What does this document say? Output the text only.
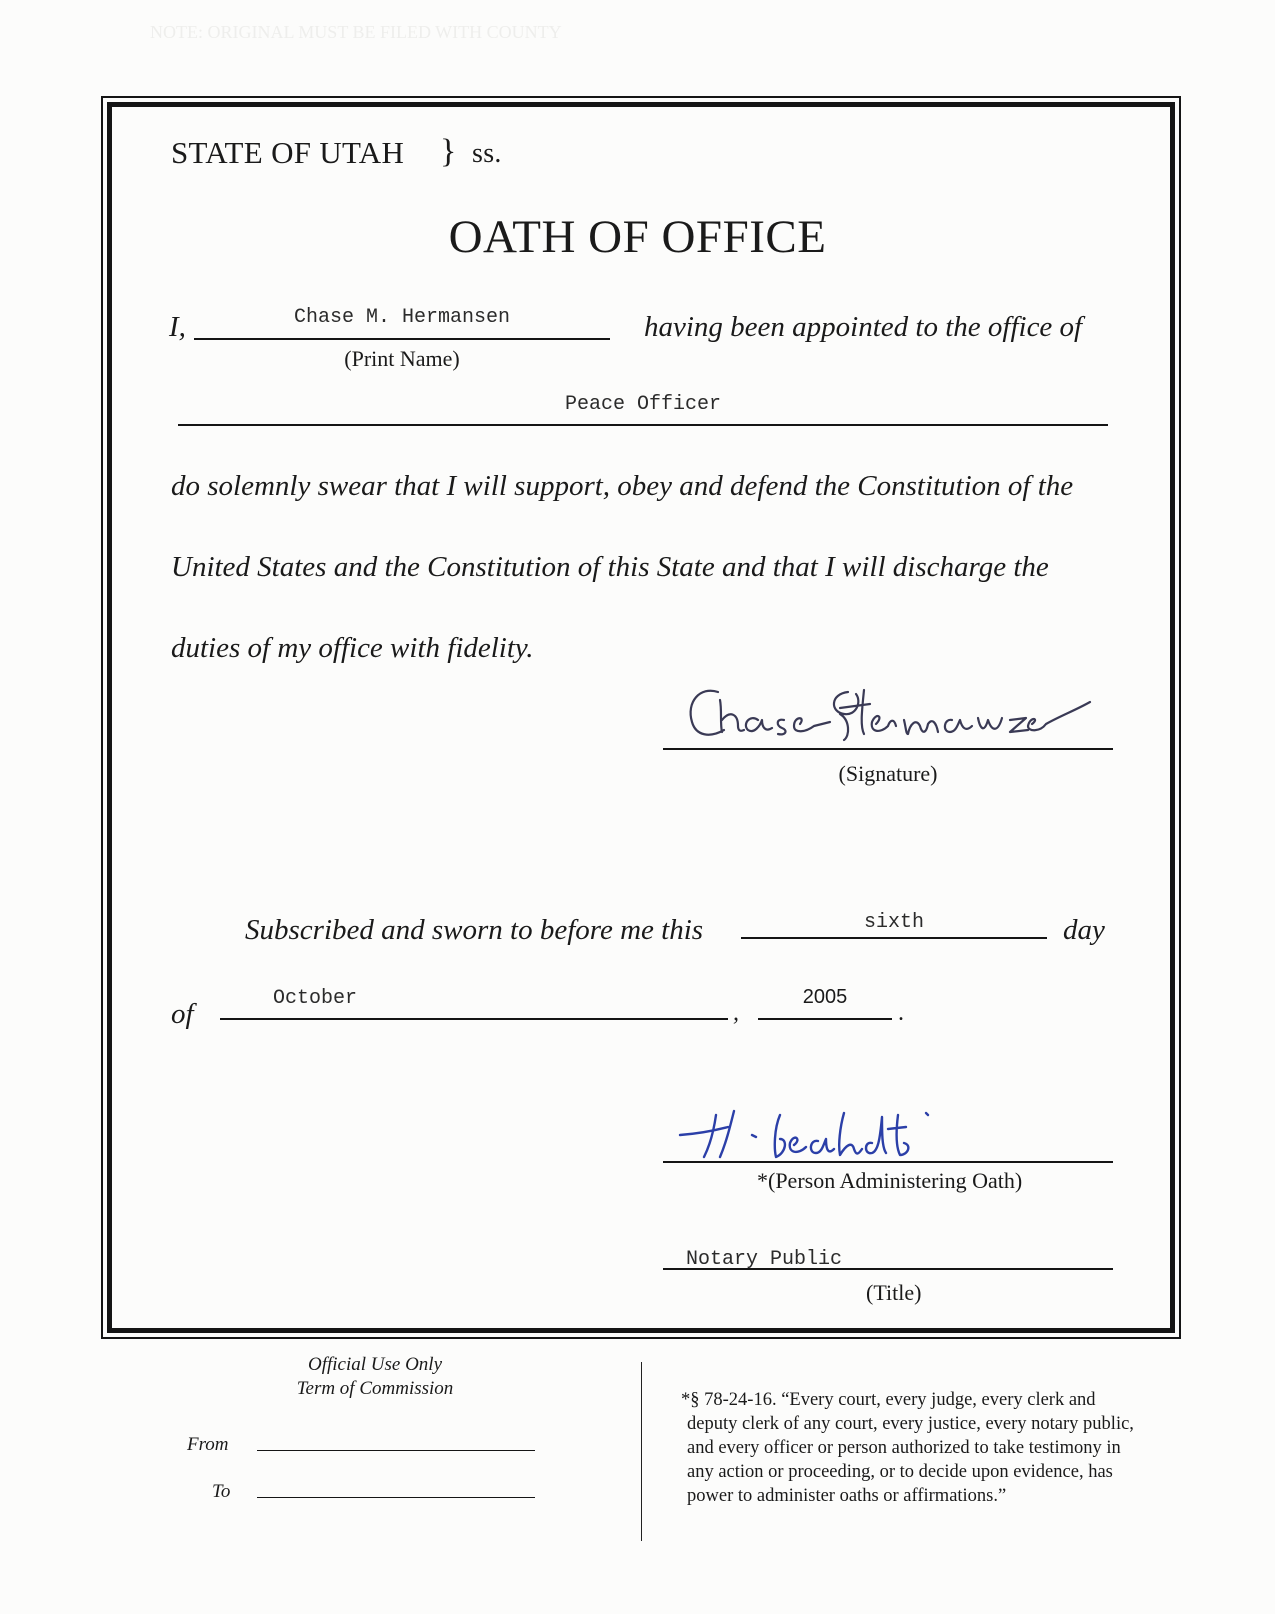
NOTE: ORIGINAL MUST BE FILED WITH COUNTY
STATE OF UTAH } ss.
OATH OF OFFICE
I,	Chase M. Hermansen
(Print Name)
having been appointed to the office of
Peace Officer
do solemnly swear that I will support, obey and defend the Constitution of the
United States and the Constitution of this State and that I will discharge the
duties of my office with fidelity.
(Signature)
Subscribed and sworn to before me this	sixth	day
of	October
,
2005
.
*(Person Administering Oath)
Notary Public
(Title)
Official Use Only
Term of Commission
From
To
*§ 78-24-16. “Every court, every judge, every clerk and
deputy clerk of any court, every justice, every notary public,
and every officer or person authorized to take testimony in
any action or proceeding, or to decide upon evidence, has
power to administer oaths or affirmations.”
